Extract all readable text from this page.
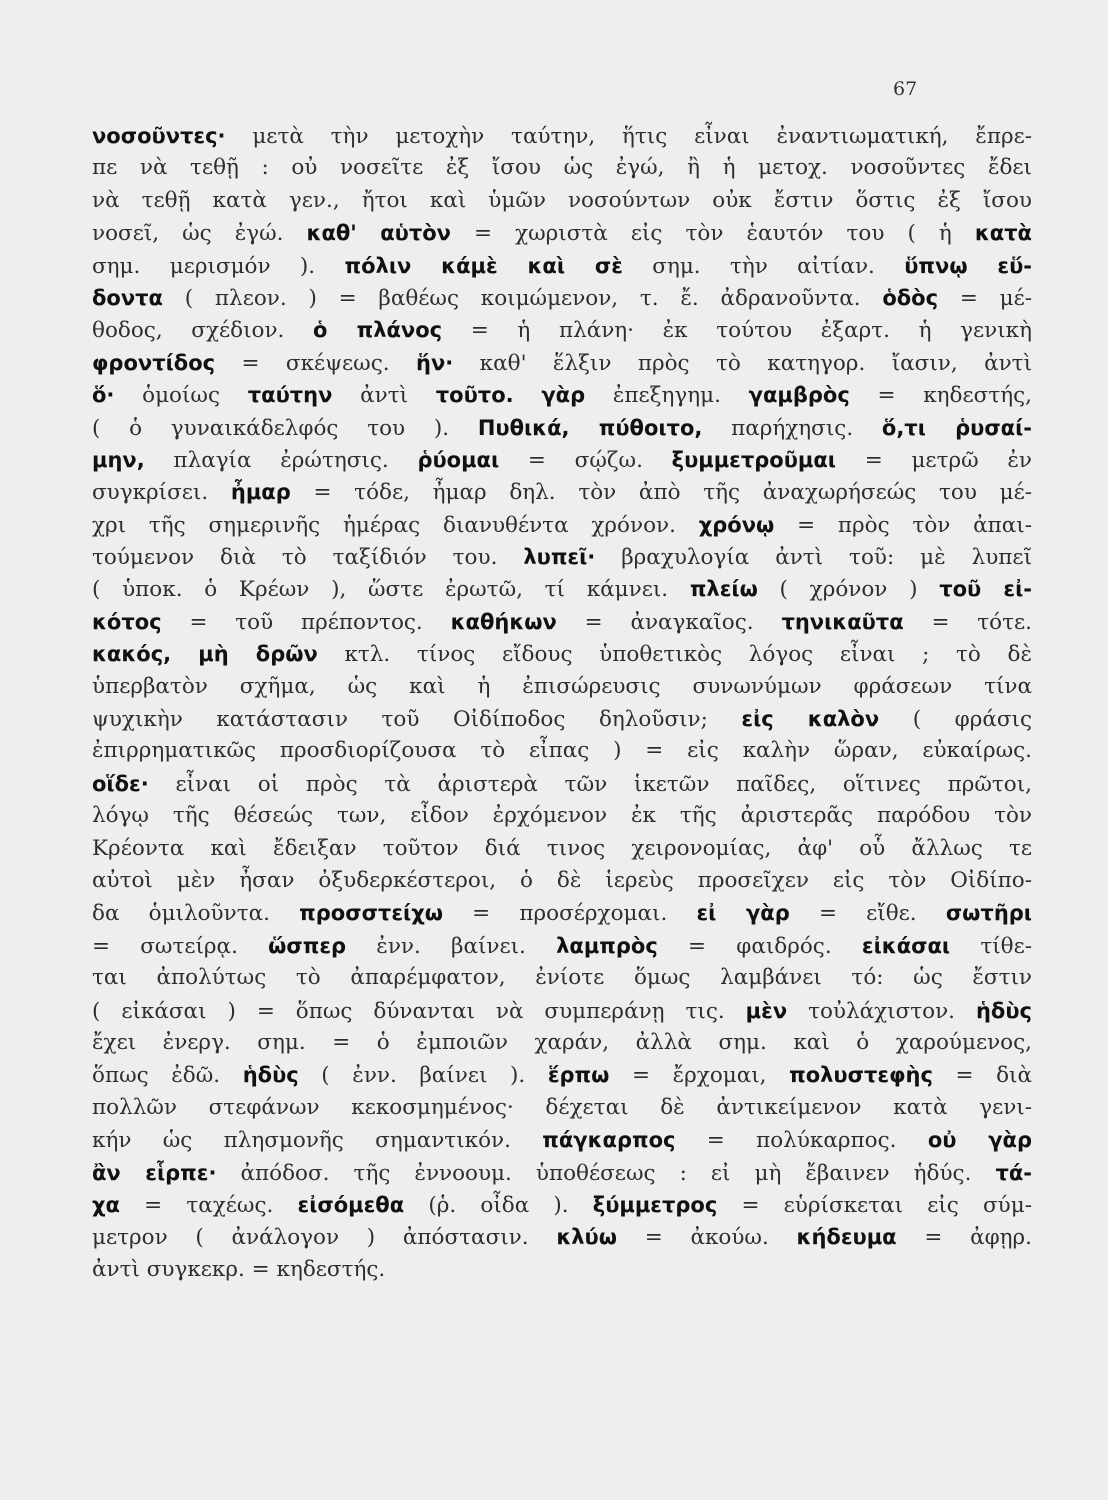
67
νοσοῦντες· μετὰ τὴν μετοχὴν ταύτην, ἥτις εἶναι ἐναντιωματική, ἔπρε-
πε νὰ τεθῇ : οὐ νοσεῖτε ἐξ ἴσου ὡς ἐγώ, ἢ ἡ μετοχ. νοσοῦντες ἔδει
νὰ τεθῇ κατὰ γεν., ἤτοι καὶ ὑμῶν νοσούντων οὐκ ἔστιν ὅστις ἐξ ἴσου
νοσεῖ, ὡς ἐγώ. καθ' αὑτὸν = χωριστὰ εἰς τὸν ἑαυτόν του ( ἡ κατὰ
σημ. μερισμόν ). πόλιν κάμὲ καὶ σὲ σημ. τὴν αἰτίαν. ὕπνῳ εὕ-
δοντα ( πλεον. ) = βαθέως κοιμώμενον, τ. ἔ. ἀδρανοῦντα. ὁδὸς = μέ-
θοδος, σχέδιον. ὁ πλάνος = ἡ πλάνη· ἐκ τούτου ἐξαρτ. ἡ γενικὴ
φροντίδος = σκέψεως. ἥν· καθ' ἕλξιν πρὸς τὸ κατηγορ. ἴασιν, ἀντὶ
ὅ· ὁμοίως ταύτην ἀντὶ τοῦτο. γὰρ ἐπεξηγημ. γαμβρὸς = κηδεστής,
( ὁ γυναικάδελφός του ). Πυθικά, πύθοιτο, παρήχησις. ὅ,τι ῥυσαί-
μην, πλαγία ἐρώτησις. ῥύομαι = σῴζω. ξυμμετροῦμαι = μετρῶ ἐν
συγκρίσει. ἦμαρ = τόδε, ἦμαρ δηλ. τὸν ἀπὸ τῆς ἀναχωρήσεώς του μέ-
χρι τῆς σημερινῆς ἡμέρας διανυθέντα χρόνον. χρόνῳ = πρὸς τὸν ἀπαι-
τούμενον διὰ τὸ ταξίδιόν του. λυπεῖ· βραχυλογία ἀντὶ τοῦ: μὲ λυπεῖ
( ὑποκ. ὁ Κρέων ), ὥστε ἐρωτῶ, τί κάμνει. πλείω ( χρόνον ) τοῦ εἰ-
κότος = τοῦ πρέποντος. καθήκων = ἀναγκαῖος. τηνικαῦτα = τότε.
κακός, μὴ δρῶν κτλ. τίνος εἴδους ὑποθετικὸς λόγος εἶναι ; τὸ δὲ
ὑπερβατὸν σχῆμα, ὡς καὶ ἡ ἐπισώρευσις συνωνύμων φράσεων τίνα
ψυχικὴν κατάστασιν τοῦ Οἰδίποδος δηλοῦσιν; εἰς καλὸν ( φράσις
ἐπιρρηματικῶς προσδιορίζουσα τὸ εἶπας ) = εἰς καλὴν ὥραν, εὐκαίρως.
οἵδε· εἶναι οἱ πρὸς τὰ ἀριστερὰ τῶν ἱκετῶν παῖδες, οἵτινες πρῶτοι,
λόγῳ τῆς θέσεώς των, εἶδον ἐρχόμενον ἐκ τῆς ἀριστερᾶς παρόδου τὸν
Κρέοντα καὶ ἔδειξαν τοῦτον διά τινος χειρονομίας, ἀφ' οὗ ἄλλως τε
αὐτοὶ μὲν ἦσαν ὀξυδερκέστεροι, ὁ δὲ ἱερεὺς προσεῖχεν εἰς τὸν Οἰδίπο-
δα ὁμιλοῦντα. προσστείχω = προσέρχομαι. εἰ γὰρ = εἴθε. σωτῆρι
= σωτείρᾳ. ὥσπερ ἐνν. βαίνει. λαμπρὸς = φαιδρός. εἰκάσαι τίθε-
ται ἀπολύτως τὸ ἀπαρέμφατον, ἐνίοτε ὅμως λαμβάνει τό: ὡς ἔστιν
( εἰκάσαι ) = ὅπως δύνανται νὰ συμπεράνῃ τις. μὲν τοὐλάχιστον. ἡδὺς
ἔχει ἐνεργ. σημ. = ὁ ἐμποιῶν χαράν, ἀλλὰ σημ. καὶ ὁ χαρούμενος,
ὅπως ἐδῶ. ἡδὺς ( ἐνν. βαίνει ). ἕρπω = ἔρχομαι, πολυστεφὴς = διὰ
πολλῶν στεφάνων κεκοσμημένος· δέχεται δὲ ἀντικείμενον κατὰ γενι-
κήν ὡς πλησμονῆς σημαντικόν. πάγκαρπος = πολύκαρπος. οὐ γὰρ
ἂν εἷρπε· ἀπόδοσ. τῆς ἐννοουμ. ὑποθέσεως : εἰ μὴ ἔβαινεν ἡδύς. τά-
χα = ταχέως. εἰσόμεθα (ῥ. οἶδα ). ξύμμετρος = εὑρίσκεται εἰς σύμ-
μετρον ( ἀνάλογον ) ἀπόστασιν. κλύω = ἀκούω. κήδευμα = ἀφῃρ.
ἀντὶ συγκεκρ. = κηδεστής.
